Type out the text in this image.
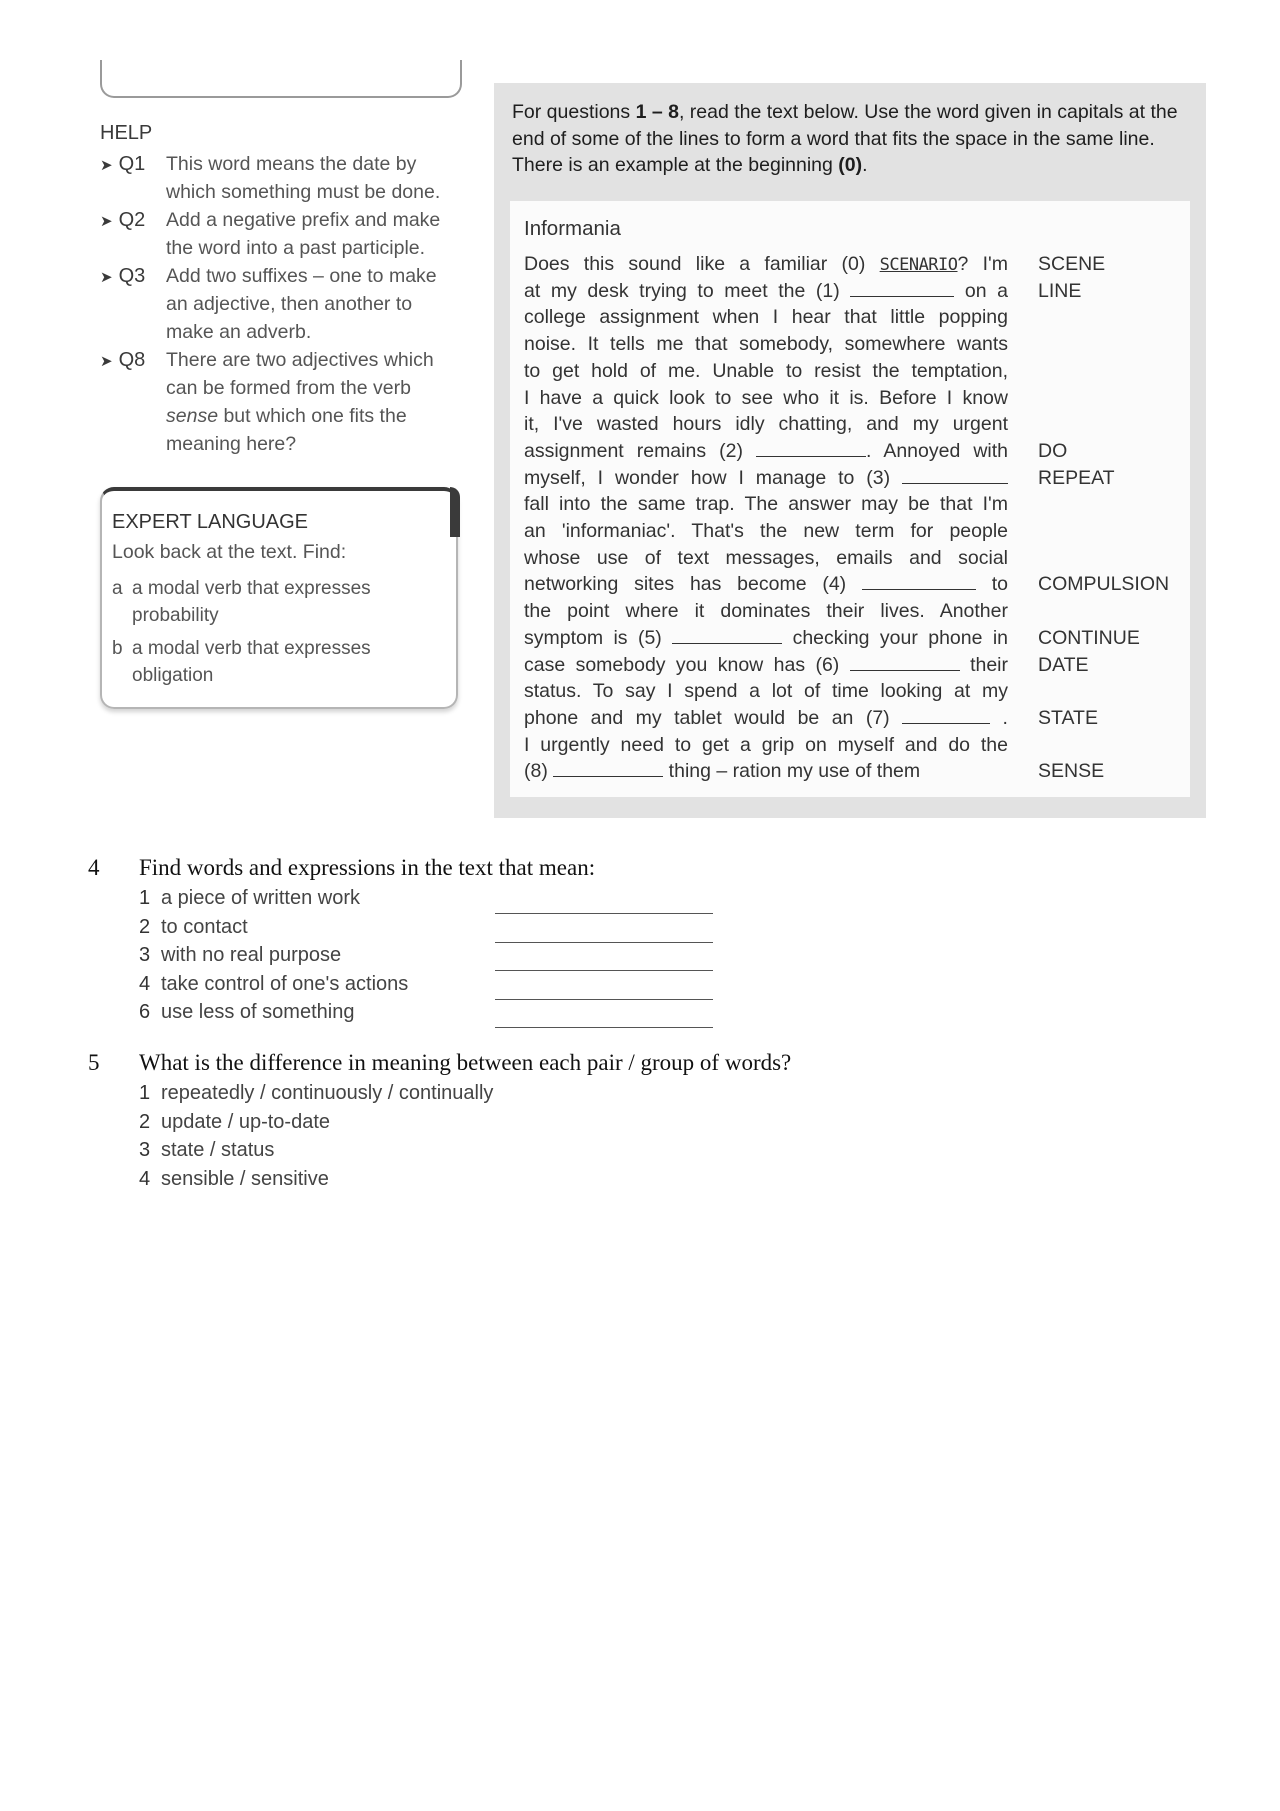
HELP
➤ Q1	This word means the date by which something must be done.
➤ Q2	Add a negative prefix and make the word into a past participle.
➤ Q3	Add two suffixes – one to make an adjective, then another to make an adverb.
➤ Q8	There are two adjectives which can be formed from the verb sense but which one fits the meaning here?
EXPERT LANGUAGE
Look back at the text. Find:
a a modal verb that expresses probability
b a modal verb that expresses obligation
For questions 1 – 8, read the text below. Use the word given in capitals at the end of some of the lines to form a word that fits the space in the same line. There is an example at the beginning (0).
Informania
Does this sound like a familiar (0) SCENARIO? I'm
at my desk trying to meet the (1)	on a
college assignment when I hear that little popping
noise. It tells me that somebody, somewhere wants
to get hold of me. Unable to resist the temptation,
I have a quick look to see who it is. Before I know
it, I've wasted hours idly chatting, and my urgent
assignment remains (2)	. Annoyed with
myself, I wonder how I manage to (3)
fall into the same trap. The answer may be that I'm
an 'informaniac'. That's the new term for people
whose use of text messages, emails and social
networking sites has become (4)	to
the point where it dominates their lives. Another
symptom is (5)	checking your phone in
case somebody you know has (6)	their
status. To say I spend a lot of time looking at my
phone and my tablet would be an (7)	.
I urgently need to get a grip on myself and do the
(8)	thing – ration my use of them
SCENE
LINE
DO
REPEAT
COMPULSION
CONTINUE
DATE
STATE
SENSE
4 Find words and expressions in the text that mean:
1 a piece of written work
2 to contact
3 with no real purpose
4 take control of one's actions
6 use less of something
5 What is the difference in meaning between each pair / group of words?
1 repeatedly / continuously / continually
2 update / up-to-date
3 state / status
4 sensible / sensitive
